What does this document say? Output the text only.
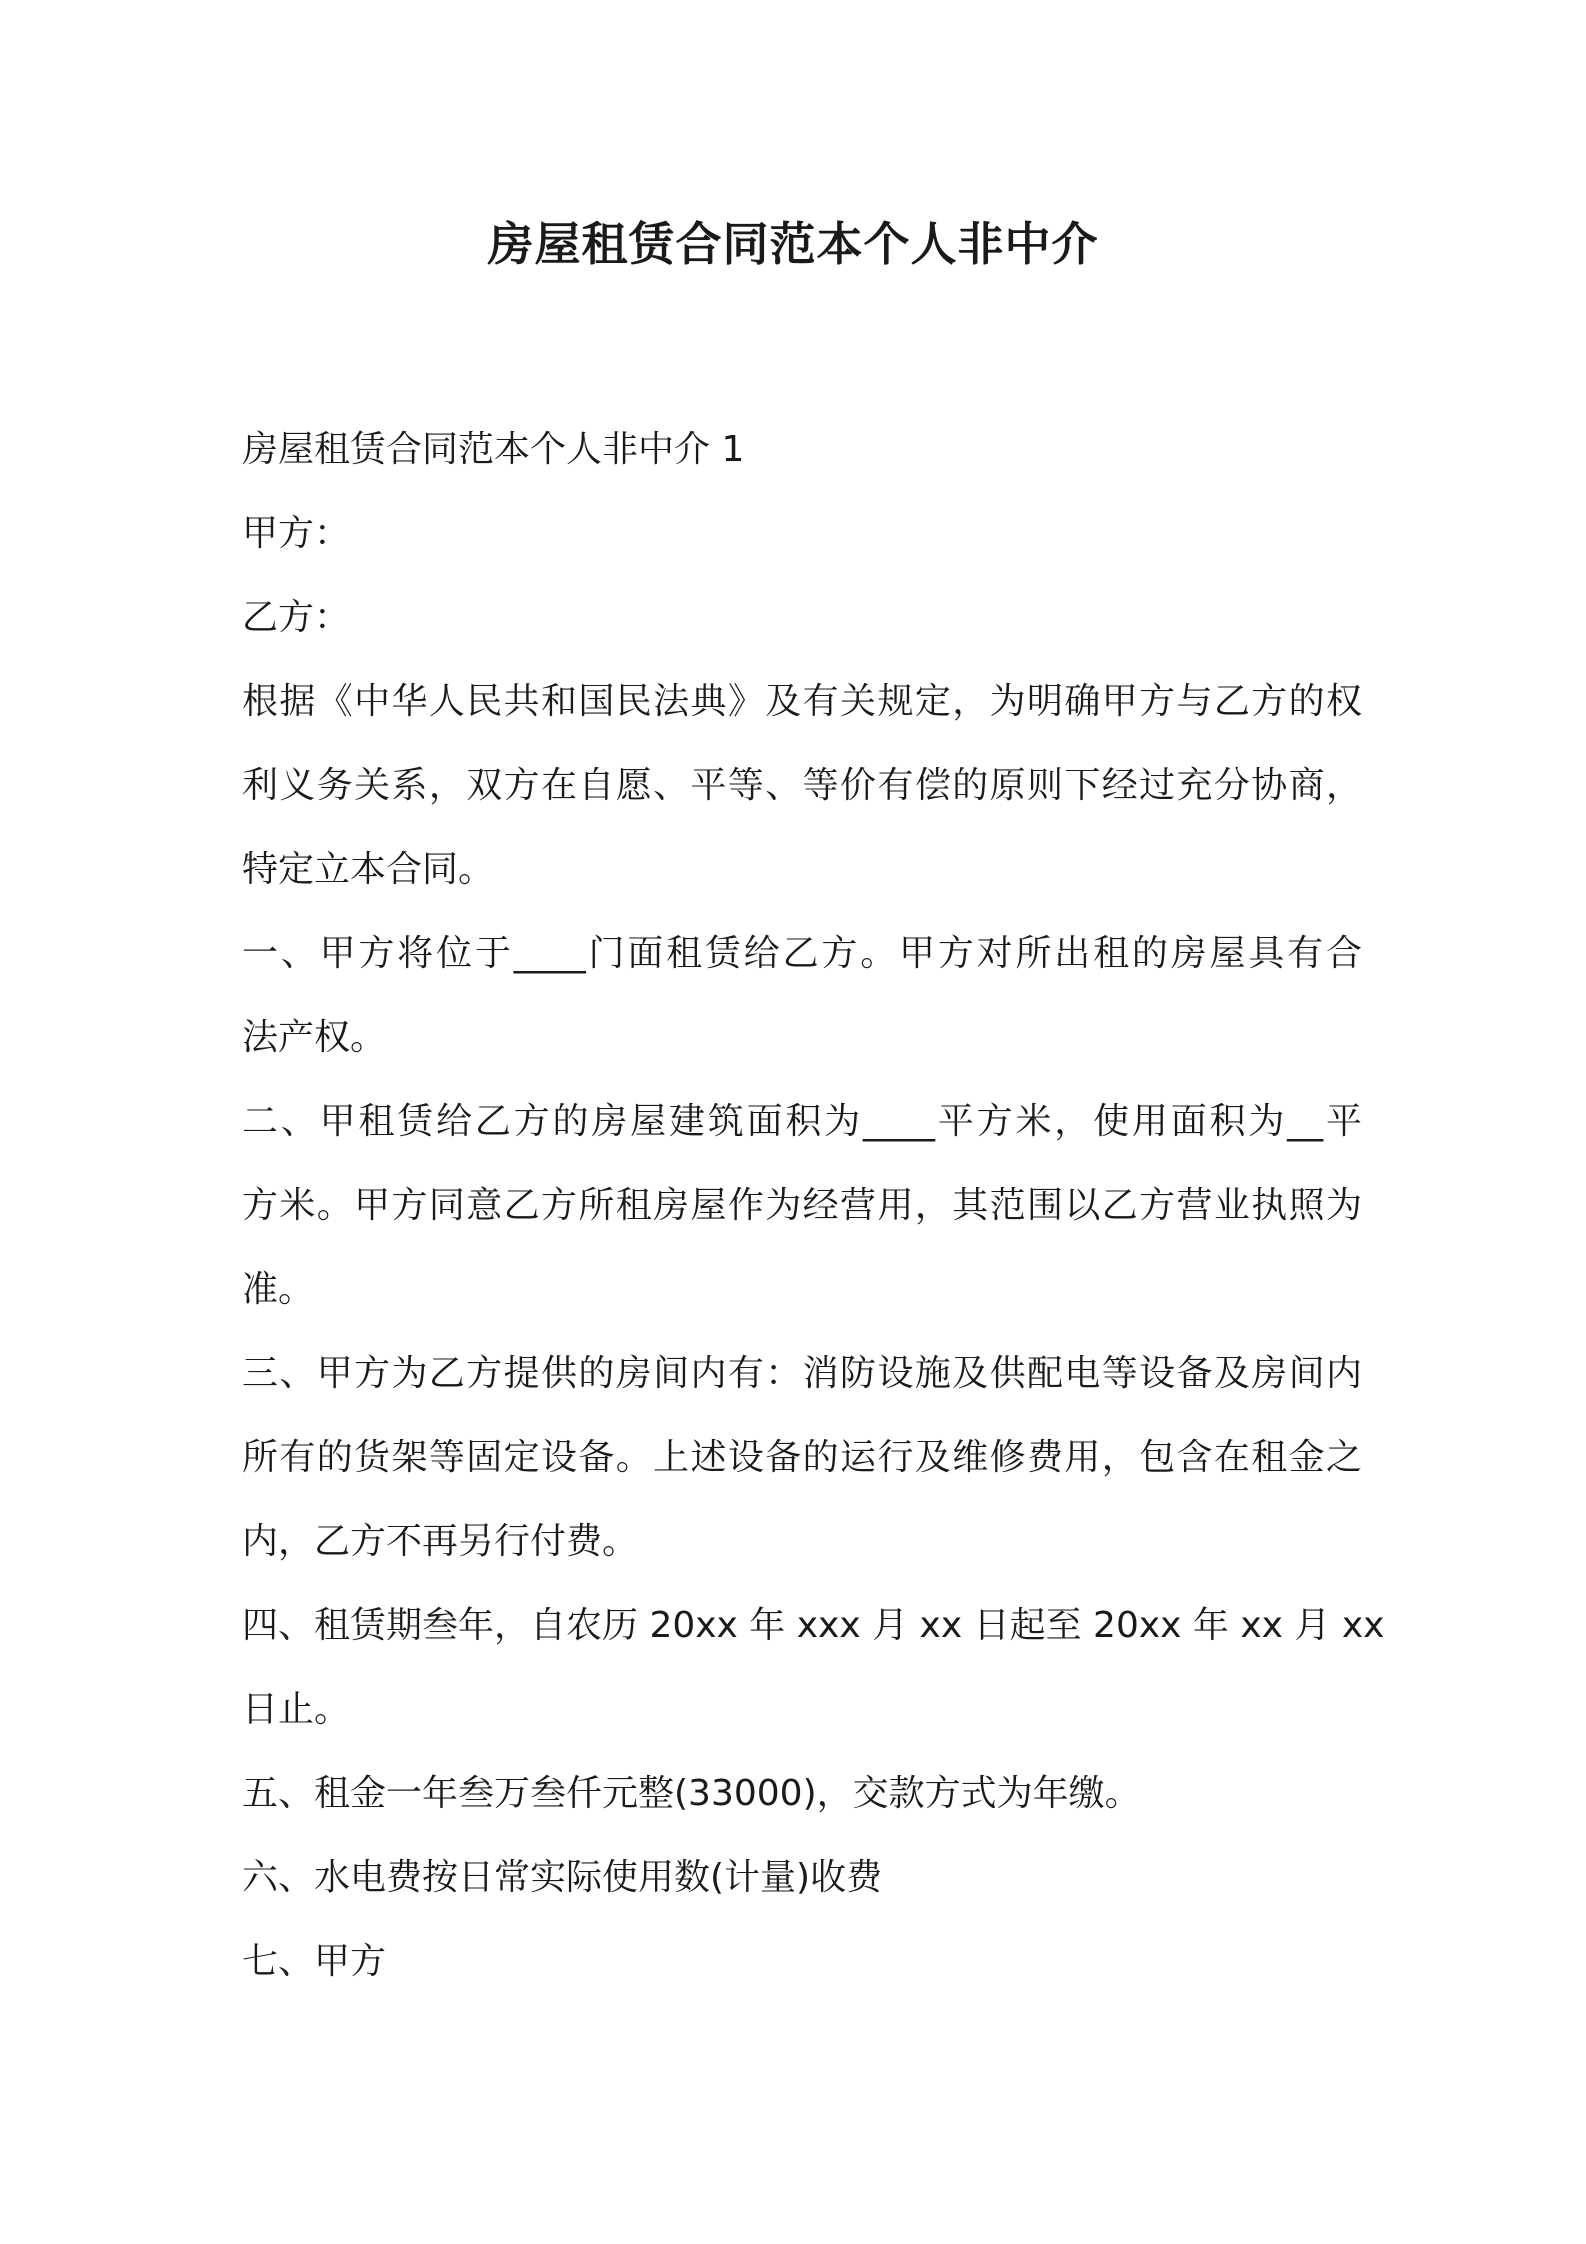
房屋租赁合同范本个人非中介

房屋租赁合同范本个人非中介 1

甲方：

乙方：

根据《中华人民共和国民法典》及有关规定，为明确甲方与乙方的权

利义务关系，双方在自愿、平等、等价有偿的原则下经过充分协商，

特定立本合同。

一、甲方将位于____门面租赁给乙方。甲方对所出租的房屋具有合

法产权。

二、甲租赁给乙方的房屋建筑面积为____平方米，使用面积为__平

方米。甲方同意乙方所租房屋作为经营用，其范围以乙方营业执照为

准。

三、甲方为乙方提供的房间内有：消防设施及供配电等设备及房间内

所有的货架等固定设备。上述设备的运行及维修费用，包含在租金之

内，乙方不再另行付费。

四、租赁期叁年，自农历 20xx 年 xxx 月 xx 日起至 20xx 年 xx 月 xx

日止。

五、租金一年叁万叁仟元整(33000)，交款方式为年缴。

六、水电费按日常实际使用数(计量)收费

七、甲方
